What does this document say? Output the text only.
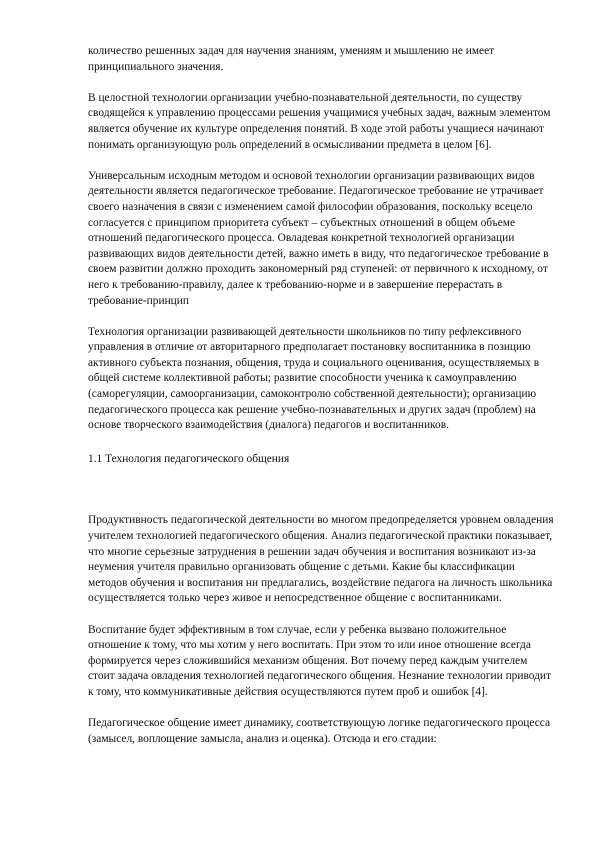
количество решенных задач для научения знаниям, умениям и мышлению не имеет принципиального значения.

В целостной технологии организации учебно-познавательной деятельности, по существу сводящейся к управлению процессами решения учащимися учебных задач, важным элементом является обучение их культуре определения понятий. В ходе этой работы учащиеся начинают понимать организующую роль определений в осмысливании предмета в целом [6].

Универсальным исходным методом и основой технологии организации развивающих видов деятельности является педагогическое требование. Педагогическое требование не утрачивает своего назначения в связи с изменением самой философии образования, поскольку всецело согласуется с принципом приоритета субъект – субъектных отношений в общем объеме отношений педагогического процесса. Овладевая конкретной технологией организации развивающих видов деятельности детей, важно иметь в виду, что педагогическое требование в своем развитии должно проходить закономерный ряд ступеней: от первичного к исходному, от него к требованию-правилу, далее к требованию-норме и в завершение перерастать в требование-принцип

Технология организации развивающей деятельности школьников по типу рефлексивного управления в отличие от авторитарного предполагает постановку воспитанника в позицию активного субъекта познания, общения, труда и социального оценивания, осуществляемых в общей системе коллективной работы; развитие способности ученика к самоуправлению (саморегуляции, самоорганизации, самоконтролю собственной деятельности); организацию педагогического процесса как решение учебно-познавательных и других задач (проблем) на основе творческого взаимодействия (диалога) педагогов и воспитанников.

1.1 Технология педагогического общения

Продуктивность педагогической деятельности во многом предопределяется уровнем овладения учителем технологией педагогического общения. Анализ педагогической практики показывает, что многие серьезные затруднения в решении задач обучения и воспитания возникают из-за неумения учителя правильно организовать общение с детьми. Какие бы классификации методов обучения и воспитания ни предлагались, воздействие педагога на личность школьника осуществляется только через живое и непосредственное общение с воспитанниками.

Воспитание будет эффективным в том случае, если у ребенка вызвано положительное отношение к тому, что мы хотим у него воспитать. При этом то или иное отношение всегда формируется через сложившийся механизм общения. Вот почему перед каждым учителем стоит задача овладения технологией педагогического общения. Незнание технологии приводит к тому, что коммуникативные действия осуществляются путем проб и ошибок [4].

Педагогическое общение имеет динамику, соответствующую логике педагогического процесса (замысел, воплощение замысла, анализ и оценка). Отсюда и его стадии:
